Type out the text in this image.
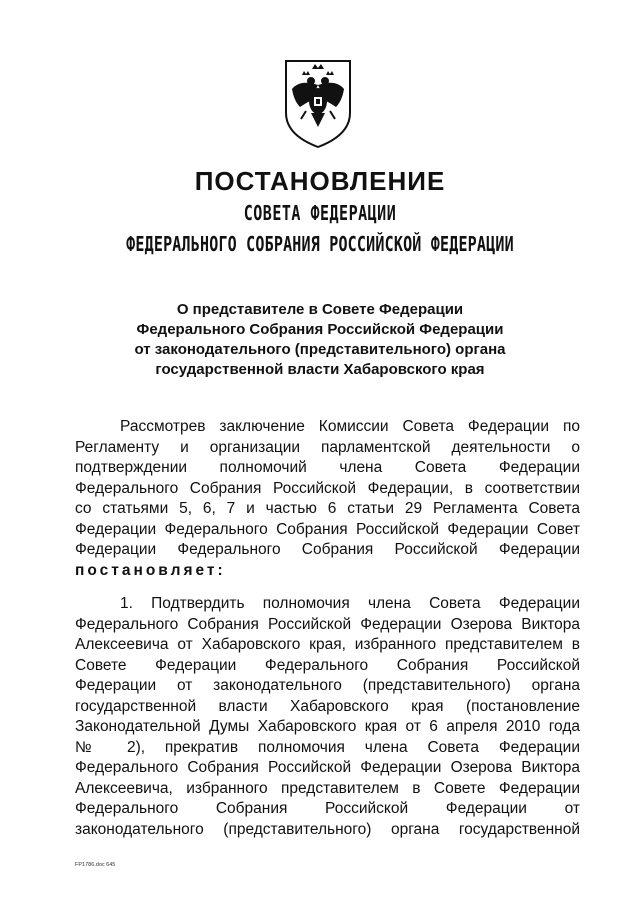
ПОСТАНОВЛЕНИЕ
СОВЕТА ФЕДЕРАЦИИ
ФЕДЕРАЛЬНОГО СОБРАНИЯ РОССИЙСКОЙ ФЕДЕРАЦИИ
О представителе в Совете Федерации
Федерального Собрания Российской Федерации
от законодательного (представительного) органа
государственной власти Хабаровского края
Рассмотрев заключение Комиссии Совета Федерации по
Регламенту и организации парламентской деятельности о
подтверждении полномочий члена Совета Федерации
Федерального Собрания Российской Федерации, в соответствии
со статьями 5, 6, 7 и частью 6 статьи 29 Регламента Совета
Федерации Федерального Собрания Российской Федерации Совет
Федерации Федерального Собрания Российской Федерации
постановляет:
1. Подтвердить полномочия члена Совета Федерации
Федерального Собрания Российской Федерации Озерова Виктора
Алексеевича от Хабаровского края, избранного представителем в
Совете Федерации Федерального Собрания Российской
Федерации от законодательного (представительного) органа
государственной власти Хабаровского края (постановление
Законодательной Думы Хабаровского края от 6 апреля 2010 года
№ 2), прекратив полномочия члена Совета Федерации
Федерального Собрания Российской Федерации Озерова Виктора
Алексеевича, избранного представителем в Совете Федерации
Федерального Собрания Российской Федерации от
законодательного (представительного) органа государственной
FP1786.doc 645
